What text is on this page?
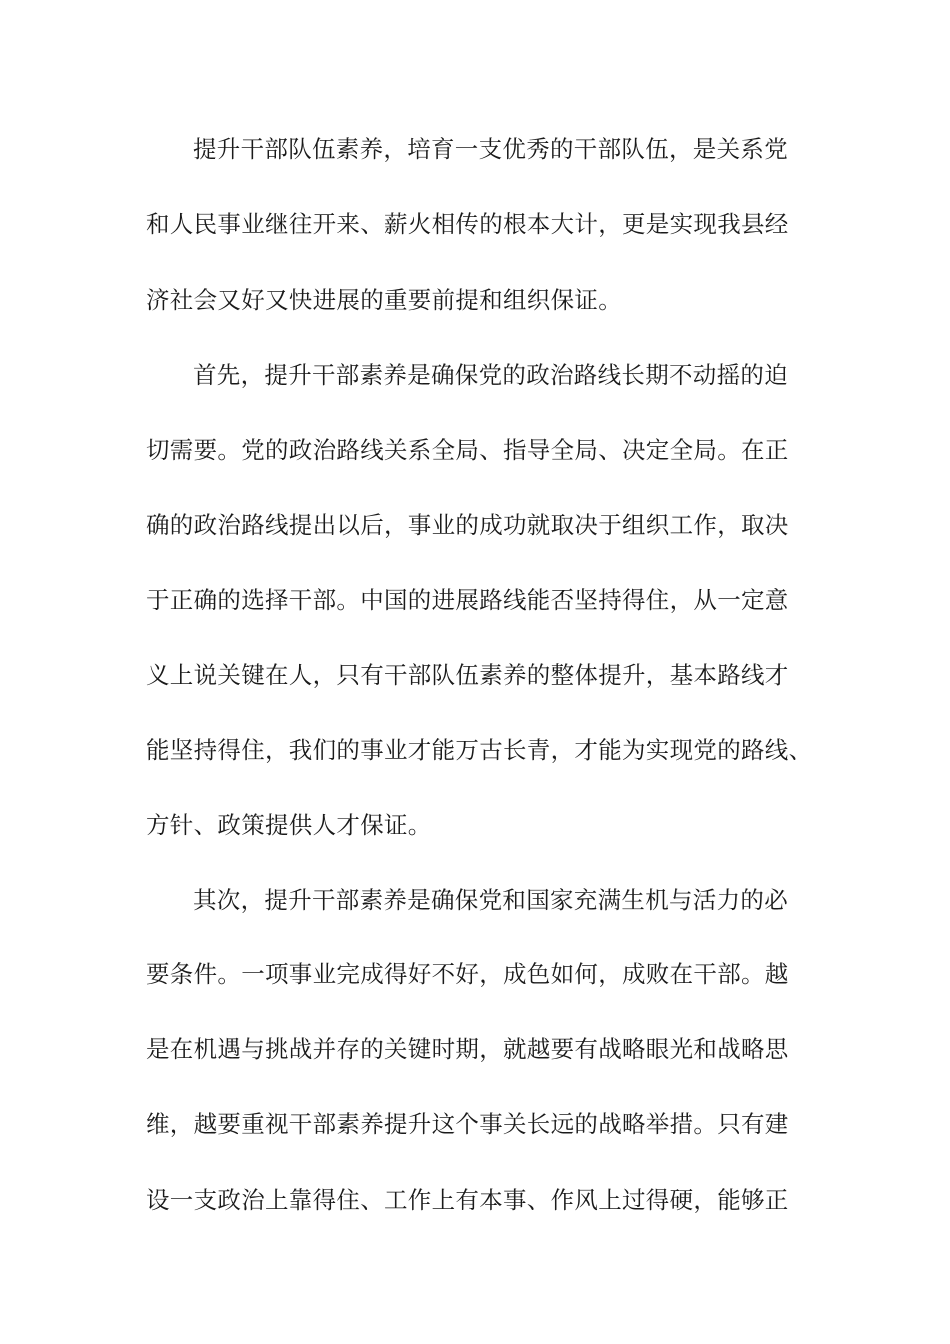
提升干部队伍素养，培育一支优秀的干部队伍，是关系党
和人民事业继往开来、薪火相传的根本大计，更是实现我县经
济社会又好又快进展的重要前提和组织保证。
首先，提升干部素养是确保党的政治路线长期不动摇的迫
切需要。党的政治路线关系全局、指导全局、决定全局。在正
确的政治路线提出以后，事业的成功就取决于组织工作，取决
于正确的选择干部。中国的进展路线能否坚持得住，从一定意
义上说关键在人，只有干部队伍素养的整体提升，基本路线才
能坚持得住，我们的事业才能万古长青，才能为实现党的路线、
方针、政策提供人才保证。
其次，提升干部素养是确保党和国家充满生机与活力的必
要条件。一项事业完成得好不好，成色如何，成败在干部。越
是在机遇与挑战并存的关键时期，就越要有战略眼光和战略思
维，越要重视干部素养提升这个事关长远的战略举措。只有建
设一支政治上靠得住、工作上有本事、作风上过得硬，能够正
